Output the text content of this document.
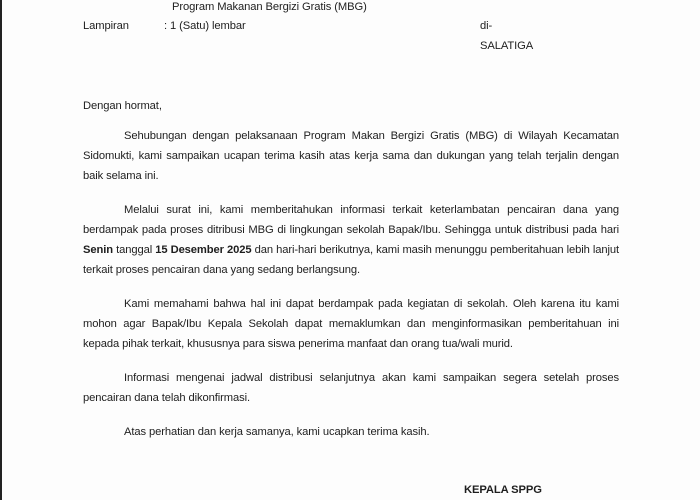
Program Makanan Bergizi Gratis (MBG)
Lampiran	: 1 (Satu) lembar	di-
SALATIGA

Dengan hormat,

Sehubungan dengan pelaksanaan Program Makan Bergizi Gratis (MBG) di Wilayah Kecamatan Sidomukti, kami sampaikan ucapan terima kasih atas kerja sama dan dukungan yang telah terjalin dengan baik selama ini.

Melalui surat ini, kami memberitahukan informasi terkait keterlambatan pencairan dana yang berdampak pada proses ditribusi MBG di lingkungan sekolah Bapak/Ibu. Sehingga untuk distribusi pada hari Senin tanggal 15 Desember 2025 dan hari-hari berikutnya, kami masih menunggu pemberitahuan lebih lanjut terkait proses pencairan dana yang sedang berlangsung.

Kami memahami bahwa hal ini dapat berdampak pada kegiatan di sekolah. Oleh karena itu kami mohon agar Bapak/Ibu Kepala Sekolah dapat memaklumkan dan menginformasikan pemberitahuan ini kepada pihak terkait, khususnya para siswa penerima manfaat dan orang tua/wali murid.

Informasi mengenai jadwal distribusi selanjutnya akan kami sampaikan segera setelah proses pencairan dana telah dikonfirmasi.

Atas perhatian dan kerja samanya, kami ucapkan terima kasih.

KEPALA SPPG
